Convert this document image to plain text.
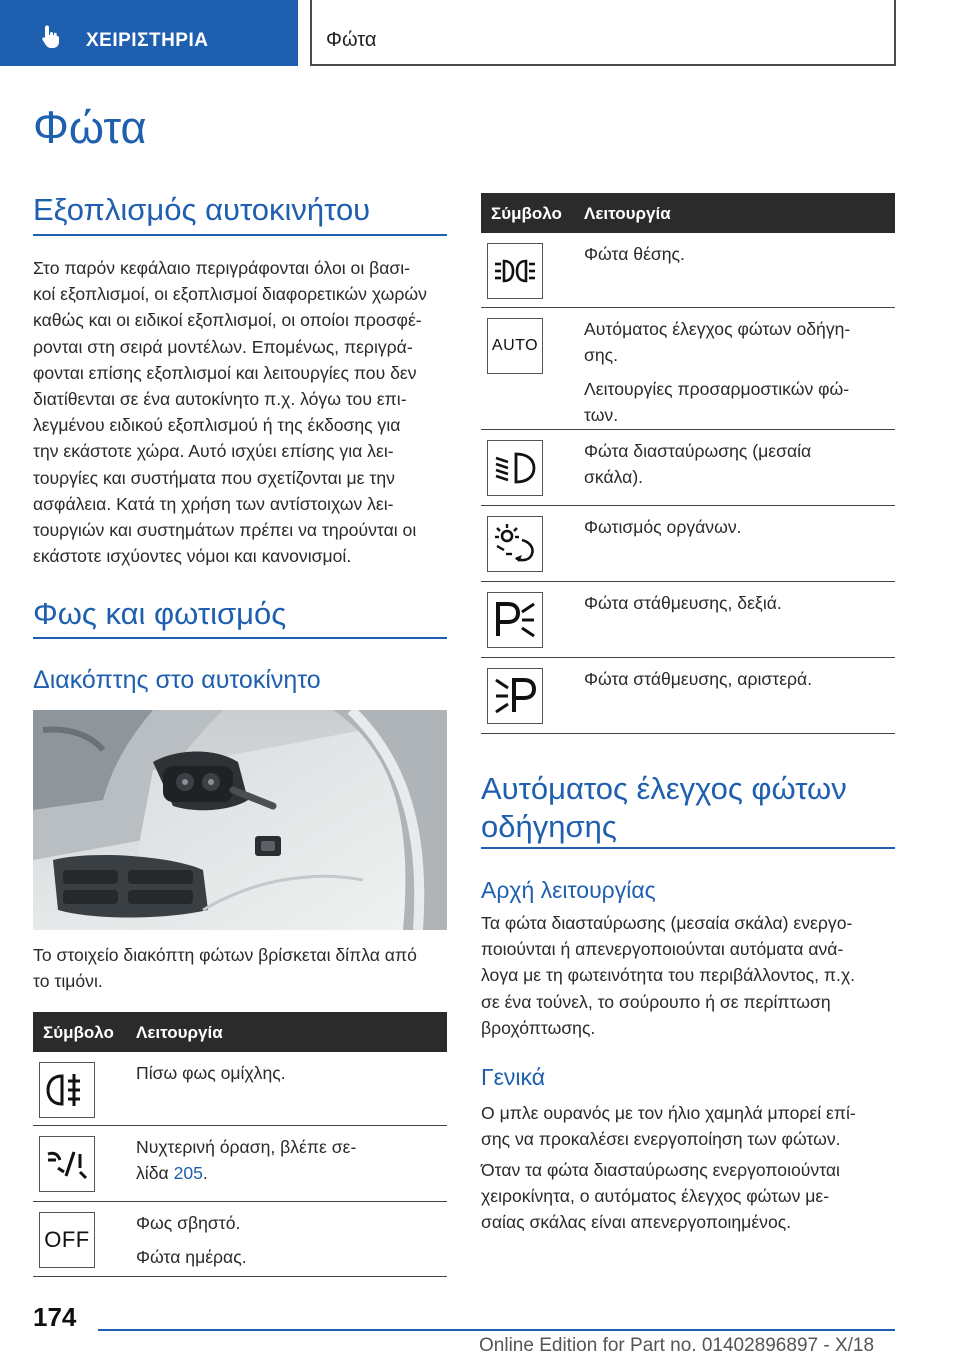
ΧΕΙΡΙΣΤΗΡΙΑ	Φώτα
Φώτα
Εξοπλισμός αυτοκινήτου
Στο παρόν κεφάλαιο περιγράφονται όλοι οι βασι‐
κοί εξοπλισμοί, οι εξοπλισμοί διαφορετικών χωρών
καθώς και οι ειδικοί εξοπλισμοί, οι οποίοι προσφέ‐
ρονται στη σειρά μοντέλων. Επομένως, περιγρά‐
φονται επίσης εξοπλισμοί και λειτουργίες που δεν
διατίθενται σε ένα αυτοκίνητο π.χ. λόγω του επι‐
λεγμένου ειδικού εξοπλισμού ή της έκδοσης για
την εκάστοτε χώρα. Αυτό ισχύει επίσης για λει‐
τουργίες και συστήματα που σχετίζονται με την
ασφάλεια. Κατά τη χρήση των αντίστοιχων λει‐
τουργιών και συστημάτων πρέπει να τηρούνται οι
εκάστοτε ισχύοντες νόμοι και κανονισμοί.
Φως και φωτισμός
Διακόπτης στο αυτοκίνητο
Το στοιχείο διακόπτη φώτων βρίσκεται δίπλα από
το τιμόνι.
Σύμβολο Λειτουργία
Πίσω φως ομίχλης.
Νυχτερινή όραση, βλέπε σε‐
λίδα 205.
OFF

Φως σβηστό.

Φώτα ημέρας.

Σύμβολο Λειτουργία
Φώτα θέσης.
AUTO

Αυτόματος έλεγχος φώτων οδήγη‐
σης.

Λειτουργίες προσαρμοστικών φώ‐
των.

Φώτα διασταύρωσης (μεσαία
σκάλα).
Φωτισμός οργάνων.
Φώτα στάθμευσης, δεξιά.
Φώτα στάθμευσης, αριστερά.
Αυτόματος έλεγχος φώτων
οδήγησης
Αρχή λειτουργίας
Τα φώτα διασταύρωσης (μεσαία σκάλα) ενεργο‐
ποιούνται ή απενεργοποιούνται αυτόματα ανά‐
λογα με τη φωτεινότητα του περιβάλλοντος, π.χ.
σε ένα τούνελ, το σούρουπο ή σε περίπτωση
βροχόπτωσης.
Γενικά
Ο μπλε ουρανός με τον ήλιο χαμηλά μπορεί επί‐
σης να προκαλέσει ενεργοποίηση των φώτων.
Όταν τα φώτα διασταύρωσης ενεργοποιούνται
χειροκίνητα, ο αυτόματος έλεγχος φώτων με‐
σαίας σκάλας είναι απενεργοποιημένος.
174
Online Edition for Part no. 01402896897 - X/18
